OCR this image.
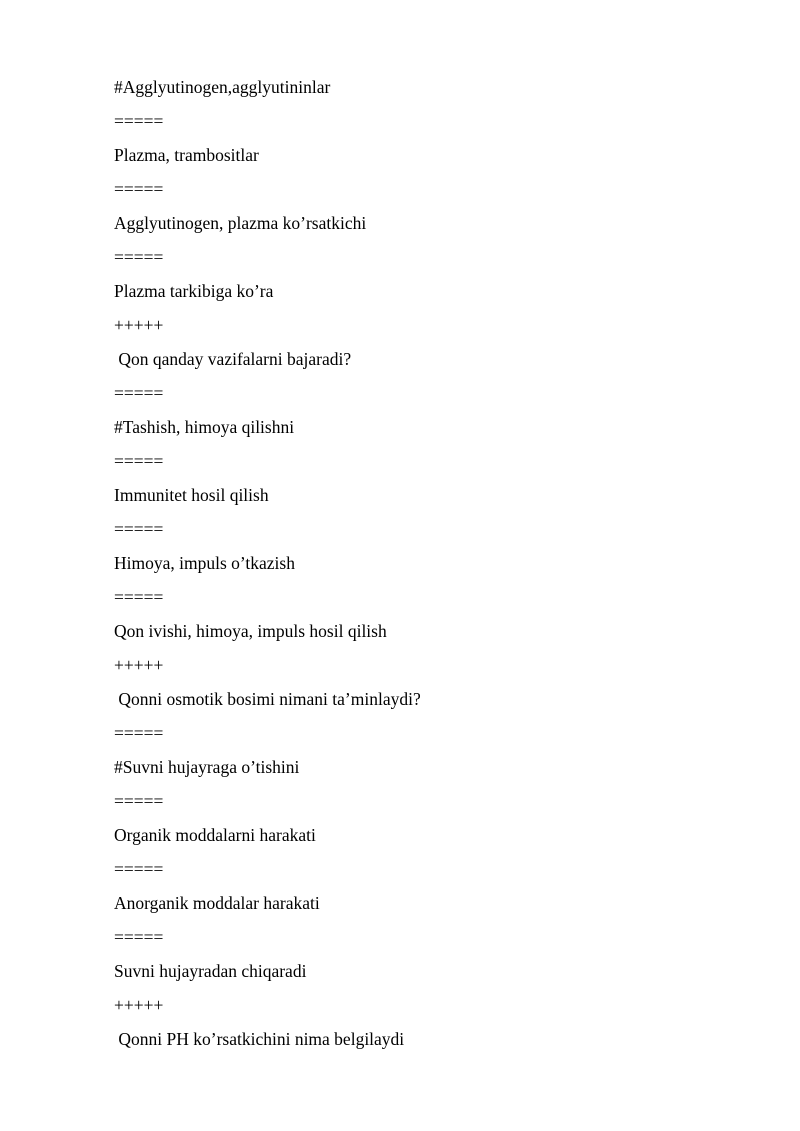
#Agglyutinogen,agglyutininlar
=====
Plazma, trambositlar
=====
Agglyutinogen, plazma ko’rsatkichi
=====
Plazma tarkibiga ko’ra
+++++
Qon qanday vazifalarni bajaradi?
=====
#Tashish, himoya qilishni
=====
Immunitet hosil qilish
=====
Himoya, impuls o’tkazish
=====
Qon ivishi, himoya, impuls hosil qilish
+++++
Qonni osmotik bosimi nimani ta’minlaydi?
=====
#Suvni hujayraga o’tishini
=====
Organik moddalarni harakati
=====
Anorganik moddalar harakati
=====
Suvni hujayradan chiqaradi
+++++
Qonni PH ko’rsatkichini nima belgilaydi
